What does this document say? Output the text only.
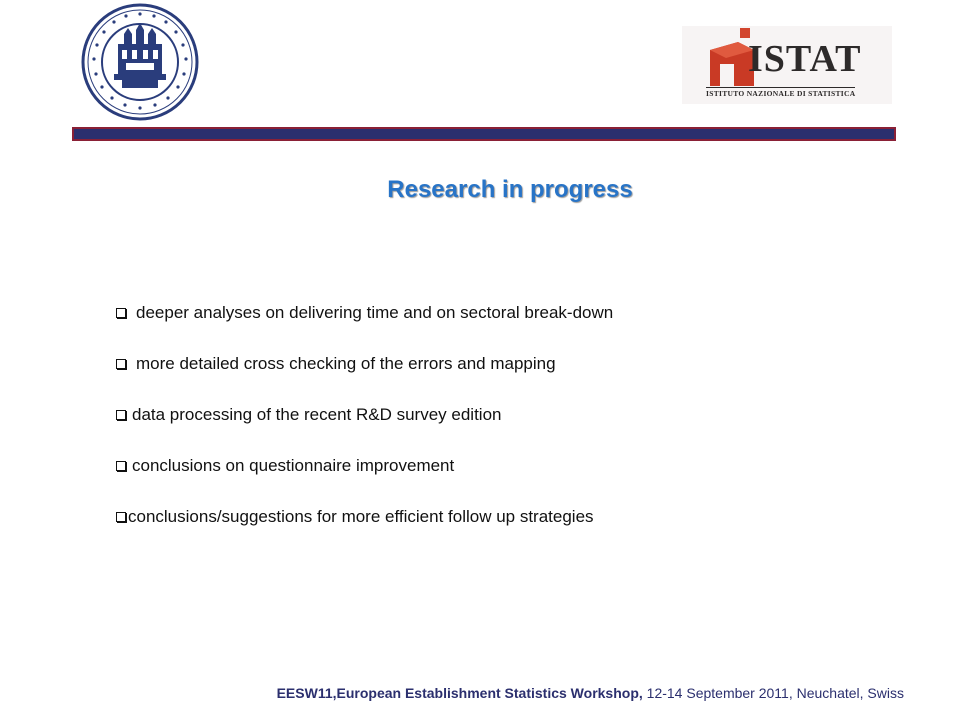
ISTAT
ISTITUTO NAZIONALE DI STATISTICA
Research in progress
deeper analyses on delivering time and on sectoral break-down
more detailed cross checking of the errors and mapping
data processing of the recent R&D survey edition
conclusions on questionnaire improvement
conclusions/suggestions for more efficient follow up strategies
EESW11,European Establishment Statistics Workshop, 12-14 September 2011, Neuchatel, Swiss
